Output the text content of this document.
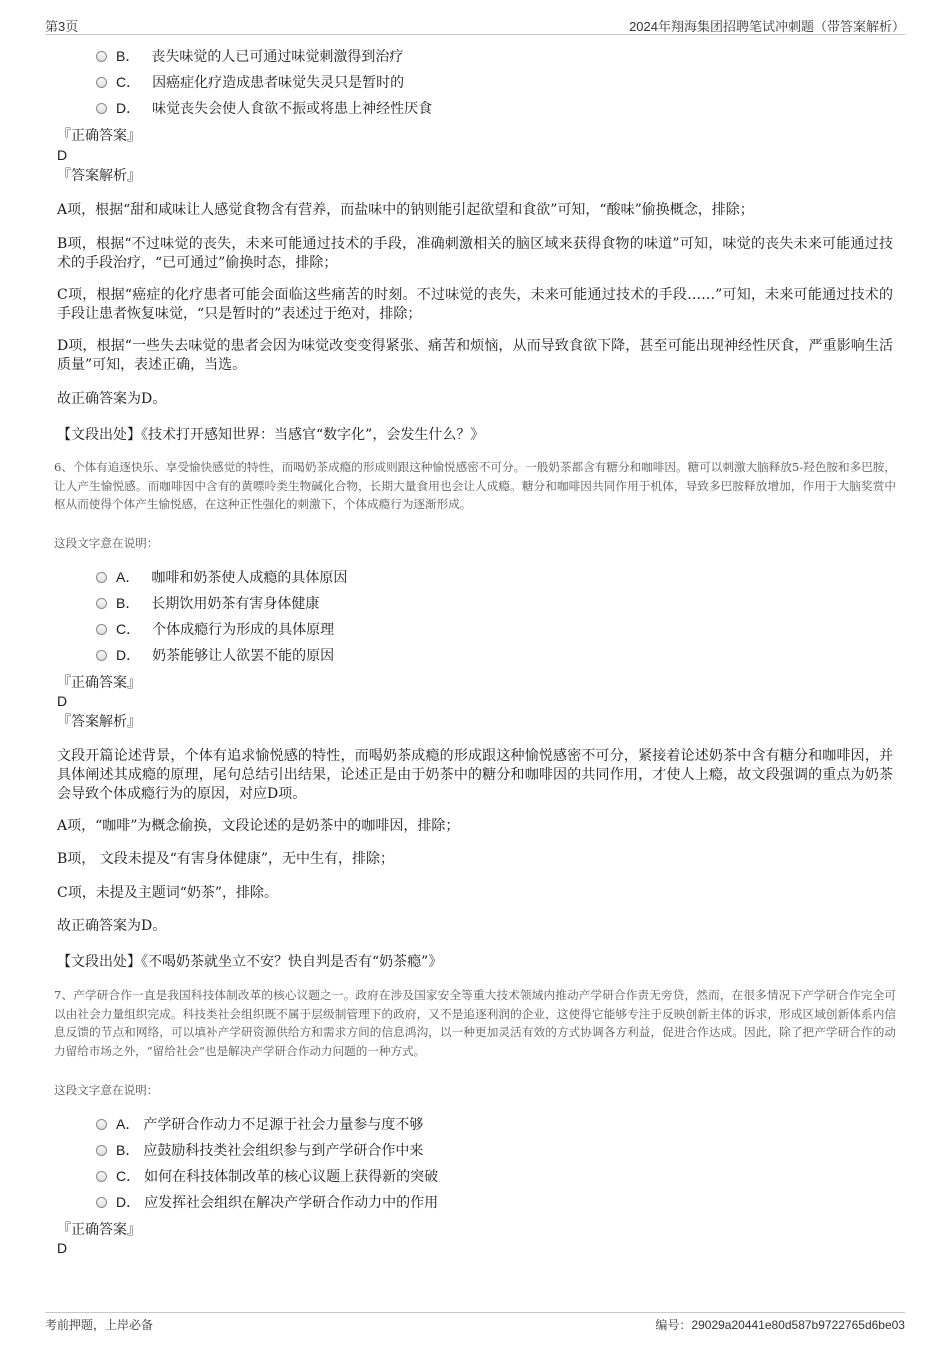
第3页	2024年翔海集团招聘笔试冲刺题（带答案解析）
B． 丧失味觉的人已可通过味觉刺激得到治疗
C． 因癌症化疗造成患者味觉失灵只是暂时的
D． 味觉丧失会使人食欲不振或将患上神经性厌食
『正确答案』
D
『答案解析』
A项，根据“甜和咸味让人感觉食物含有营养，而盐味中的钠则能引起欲望和食欲”可知，“酸味”偷换概念，排除；
B项，根据“不过味觉的丧失，未来可能通过技术的手段，准确刺激相关的脑区域来获得食物的味道”可知，味觉的丧失未来可能通过技术的手段治疗，“已可通过”偷换时态，排除；
C项，根据“癌症的化疗患者可能会面临这些痛苦的时刻。不过味觉的丧失，未来可能通过技术的手段……”可知，未来可能通过技术的手段让患者恢复味觉，“只是暂时的”表述过于绝对，排除；
D项，根据“一些失去味觉的患者会因为味觉改变变得紧张、痛苦和烦恼，从而导致食欲下降，甚至可能出现神经性厌食，严重影响生活质量”可知，表述正确，当选。
故正确答案为D。
【文段出处】《技术打开感知世界：当感官“数字化”，会发生什么？》
6、个体有追逐快乐、享受愉快感觉的特性，而喝奶茶成瘾的形成则跟这种愉悦感密不可分。一般奶茶都含有糖分和咖啡因。糖可以刺激大脑释放5-羟色胺和多巴胺，让人产生愉悦感。而咖啡因中含有的黄嘌呤类生物碱化合物，长期大量食用也会让人成瘾。糖分和咖啡因共同作用于机体，导致多巴胺释放增加，作用于大脑奖赏中枢从而使得个体产生愉悦感，在这种正性强化的刺激下，个体成瘾行为逐渐形成。
这段文字意在说明：
A． 咖啡和奶茶使人成瘾的具体原因
B． 长期饮用奶茶有害身体健康
C． 个体成瘾行为形成的具体原理
D． 奶茶能够让人欲罢不能的原因
『正确答案』
D
『答案解析』
文段开篇论述背景，个体有追求愉悦感的特性，而喝奶茶成瘾的形成跟这种愉悦感密不可分，紧接着论述奶茶中含有糖分和咖啡因，并具体阐述其成瘾的原理，尾句总结引出结果，论述正是由于奶茶中的糖分和咖啡因的共同作用，才使人上瘾，故文段强调的重点为奶茶会导致个体成瘾行为的原因，对应D项。
A项，“咖啡”为概念偷换，文段论述的是奶茶中的咖啡因，排除；
B项， 文段未提及“有害身体健康”，无中生有，排除；
C项，未提及主题词“奶茶”，排除。
故正确答案为D。
【文段出处】《不喝奶茶就坐立不安？快自判是否有“奶茶瘾”》
7、产学研合作一直是我国科技体制改革的核心议题之一。政府在涉及国家安全等重大技术领域内推动产学研合作责无旁贷，然而，在很多情况下产学研合作完全可以由社会力量组织完成。科技类社会组织既不属于层级制管理下的政府，又不是追逐利润的企业，这使得它能够专注于反映创新主体的诉求，形成区域创新体系内信息反馈的节点和网络，可以填补产学研资源供给方和需求方间的信息鸿沟，以一种更加灵活有效的方式协调各方利益，促进合作达成。因此，除了把产学研合作的动力留给市场之外，“留给社会”也是解决产学研合作动力问题的一种方式。
这段文字意在说明：
A． 产学研合作动力不足源于社会力量参与度不够
B． 应鼓励科技类社会组织参与到产学研合作中来
C． 如何在科技体制改革的核心议题上获得新的突破
D． 应发挥社会组织在解决产学研合作动力中的作用
『正确答案』
D
考前押题，上岸必备	编号：29029a20441e80d587b9722765d6be03
